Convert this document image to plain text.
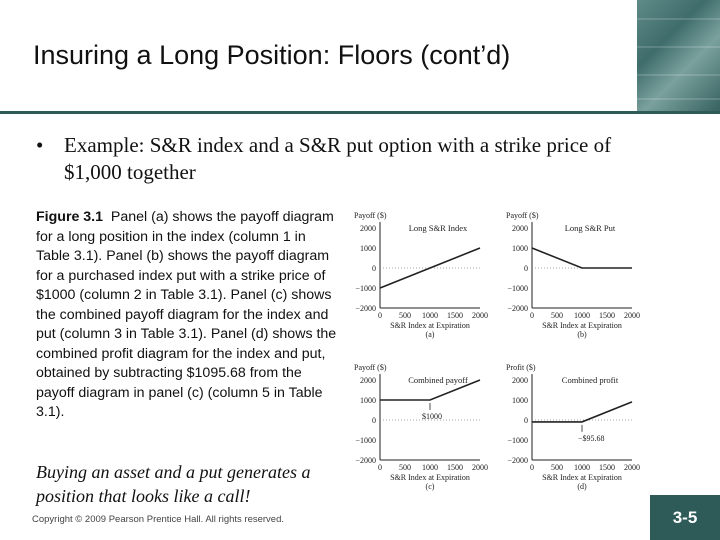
Insuring a Long Position: Floors (cont’d)
• Example: S&R index and a S&R put option with a strike price of $1,000 together
Figure 3.1 Panel (a) shows the payoff diagram for a long position in the index (column 1 in Table 3.1). Panel (b) shows the payoff diagram for a purchased index put with a strike price of $1000 (column 2 in Table 3.1). Panel (c) shows the combined payoff diagram for the index and put (column 3 in Table 3.1). Panel (d) shows the combined profit diagram for the index and put, obtained by subtracting $1095.68 from the payoff diagram in panel (c) (column 5 in Table 3.1).
2000
1000
0
−1000
−2000
0 500 1000 1500 2000
Payoff ($)
Long S&R Index
S&R Index at Expiration
(a)
2000
1000
0
−1000
−2000
0 500 1000 1500 2000
Payoff ($)
Long S&R Put
S&R Index at Expiration
(b)
2000
1000
0
−1000
−2000
0 500 1000 1500 2000
Payoff ($)
Combined payoff
S&R Index at Expiration
(c)
$1000
2000
1000
0
−1000
−2000
0 500 1000 1500 2000
Profit ($)
Combined profit
S&R Index at Expiration
(d)
−$95.68
Buying an asset and a put generates a position that looks like a call!
Copyright © 2009 Pearson Prentice Hall. All rights reserved.	3-5
